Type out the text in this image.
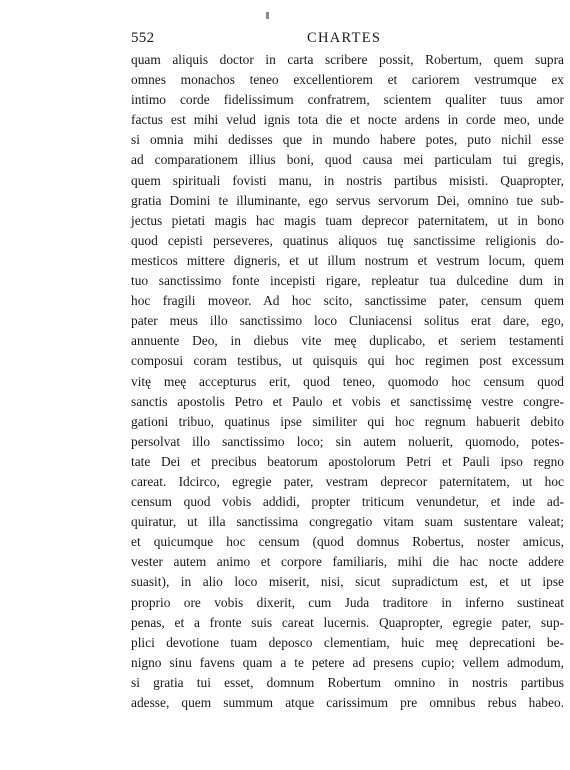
552	CHARTES
quam aliquis doctor in carta scribere possit, Robertum, quem supra
omnes monachos teneo excellentiorem et cariorem vestrumque ex
intimo corde fidelissimum confratrem, scientem qualiter tuus amor
factus est mihi velud ignis tota die et nocte ardens in corde meo, unde
si omnia mihi dedisses que in mundo habere potes, puto nichil esse
ad comparationem illius boni, quod causa mei particulam tui gregis,
quem spirituali fovisti manu, in nostris partibus misisti. Quapropter,
gratia Domini te illuminante, ego servus servorum Dei, omnino tue sub-
jectus pietati magis hac magis tuam deprecor paternitatem, ut in bono
quod cepisti perseveres, quatinus aliquos tuę sanctissime religionis do-
mesticos mittere digneris, et ut illum nostrum et vestrum locum, quem
tuo sanctissimo fonte incepisti rigare, repleatur tua dulcedine dum in
hoc fragili moveor. Ad hoc scito, sanctissime pater, censum quem
pater meus illo sanctissimo loco Cluniacensi solitus erat dare, ego,
annuente Deo, in diebus vite meę duplicabo, et seriem testamenti
composui coram testibus, ut quisquis qui hoc regimen post excessum
vitę meę accepturus erit, quod teneo, quomodo hoc censum quod
sanctis apostolis Petro et Paulo et vobis et sanctissimę vestre congre-
gationi tribuo, quatinus ipse similiter qui hoc regnum habuerit debito
persolvat illo sanctissimo loco; sin autem noluerit, quomodo, potes-
tate Dei et precibus beatorum apostolorum Petri et Pauli ipso regno
careat. Idcirco, egregie pater, vestram deprecor paternitatem, ut hoc
censum quod vobis addidi, propter triticum venundetur, et inde ad-
quiratur, ut illa sanctissima congregatio vitam suam sustentare valeat;
et quicumque hoc censum (quod domnus Robertus, noster amicus,
vester autem animo et corpore familiaris, mihi die hac nocte addere
suasit), in alio loco miserit, nisi, sicut supradictum est, et ut ipse
proprio ore vobis dixerit, cum Juda traditore in inferno sustineat
penas, et a fronte suis careat lucernis. Quapropter, egregie pater, sup-
plici devotione tuam deposco clementiam, huic meę deprecationi be-
nigno sinu favens quam a te petere ad presens cupio; vellem admodum,
si gratia tui esset, domnum Robertum omnino in nostris partibus
adesse, quem summum atque carissimum pre omnibus rebus habeo.
